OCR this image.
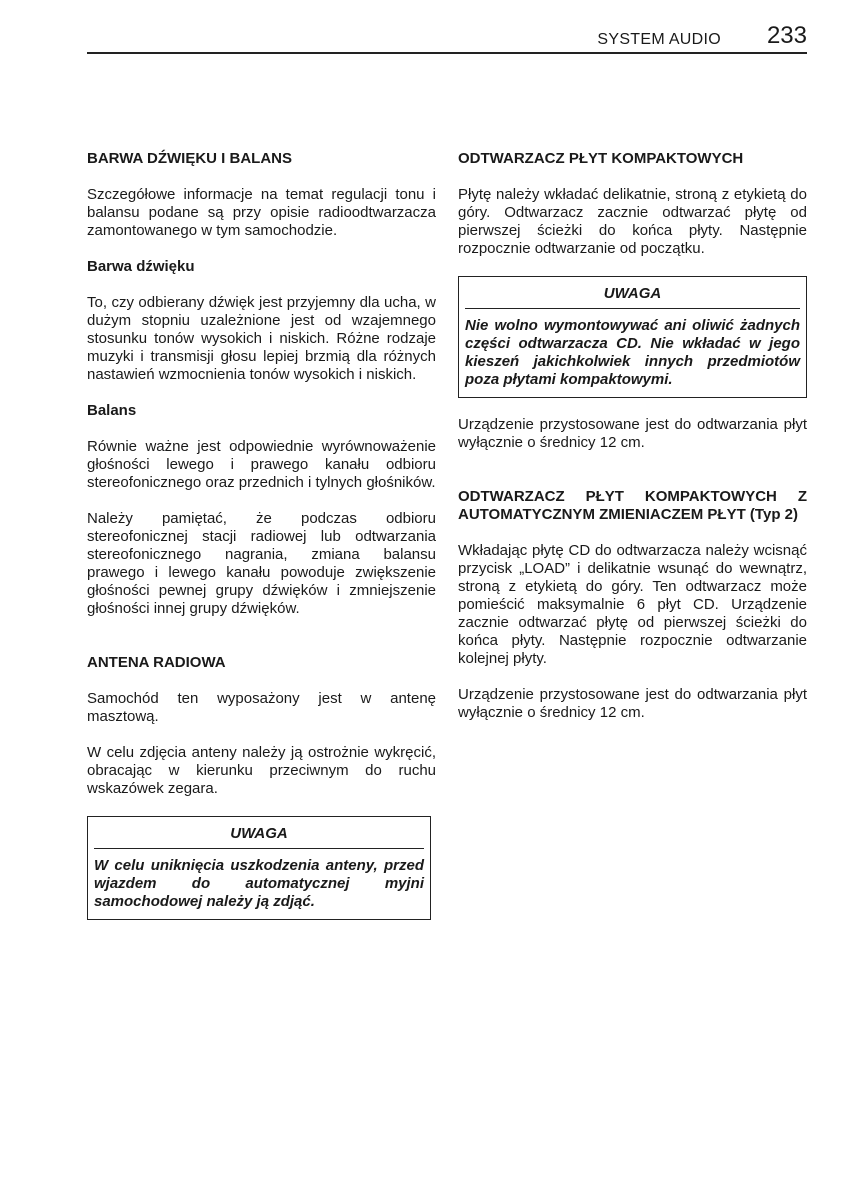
SYSTEM AUDIO 233
BARWA DŹWIĘKU I BALANS

Szczegółowe informacje na temat regulacji tonu i balansu podane są przy opisie radioodtwarzacza zamontowanego w tym samochodzie.

Barwa dźwięku

To, czy odbierany dźwięk jest przyjemny dla ucha, w dużym stopniu uzależnione jest od wzajemnego stosunku tonów wysokich i niskich. Różne rodzaje muzyki i transmisji głosu lepiej brzmią dla różnych nastawień wzmocnienia tonów wysokich i niskich.

Balans

Równie ważne jest odpowiednie wyrównoważenie głośności lewego i prawego kanału odbioru stereofonicznego oraz przednich i tylnych głośników.

Należy pamiętać, że podczas odbioru stereofonicznej stacji radiowej lub odtwarzania stereofonicznego nagrania, zmiana balansu prawego i lewego kanału powoduje zwiększenie głośności pewnej grupy dźwięków i zmniejszenie głośności innej grupy dźwięków.

ANTENA RADIOWA

Samochód ten wyposażony jest w antenę masztową.

W celu zdjęcia anteny należy ją ostrożnie wykręcić, obracając w kierunku przeciwnym do ruchu wskazówek zegara.

UWAGA
W celu uniknięcia uszkodzenia anteny, przed wjazdem do automatycznej myjni samochodowej należy ją zdjąć.
ODTWARZACZ PŁYT KOMPAKTOWYCH

Płytę należy wkładać delikatnie, stroną z etykietą do góry. Odtwarzacz zacznie odtwarzać płytę od pierwszej ścieżki do końca płyty. Następnie rozpocznie odtwarzanie od początku.

UWAGA
Nie wolno wymontowywać ani oliwić żadnych części odtwarzacza CD. Nie wkładać w jego kieszeń jakichkolwiek innych przedmiotów poza płytami kompaktowymi.

Urządzenie przystosowane jest do odtwarzania płyt wyłącznie o średnicy 12 cm.

ODTWARZACZ PŁYT KOMPAKTOWYCH Z AUTOMATYCZNYM ZMIENIACZEM PŁYT (Typ 2)

Wkładając płytę CD do odtwarzacza należy wcisnąć przycisk „LOAD” i delikatnie wsunąć do wewnątrz, stroną z etykietą do góry. Ten odtwarzacz może pomieścić maksymalnie 6 płyt CD. Urządzenie zacznie odtwarzać płytę od pierwszej ścieżki do końca płyty. Następnie rozpocznie odtwarzanie kolejnej płyty.

Urządzenie przystosowane jest do odtwarzania płyt wyłącznie o średnicy 12 cm.
